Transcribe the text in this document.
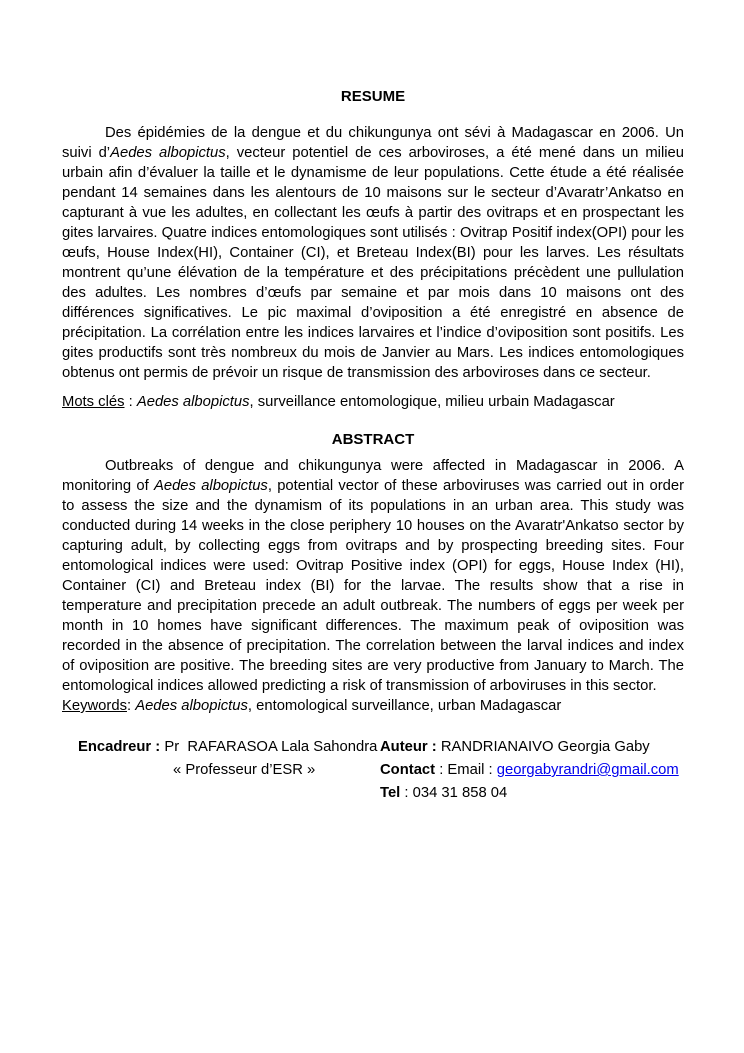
RESUME

Des épidémies de la dengue et du chikungunya ont sévi à Madagascar en 2006. Un suivi d’Aedes albopictus, vecteur potentiel de ces arboviroses, a été mené dans un milieu urbain afin d’évaluer la taille et le dynamisme de leur populations. Cette étude a été réalisée pendant 14 semaines dans les alentours de 10 maisons sur le secteur d’Avaratr’Ankatso en capturant à vue les adultes, en collectant les œufs à partir des ovitraps et en prospectant les gites larvaires. Quatre indices entomologiques sont utilisés : Ovitrap Positif index(OPI) pour les œufs, House Index(HI), Container (CI), et Breteau Index(BI) pour les larves. Les résultats montrent qu’une élévation de la température et des précipitations précèdent une pullulation des adultes. Les nombres d’œufs par semaine et par mois dans 10 maisons ont des différences significatives. Le pic maximal d’oviposition a été enregistré en absence de précipitation. La corrélation entre les indices larvaires et l’indice d’oviposition sont positifs. Les gites productifs sont très nombreux du mois de Janvier au Mars. Les indices entomologiques obtenus ont permis de prévoir un risque de transmission des arboviroses dans ce secteur.

Mots clés : Aedes albopictus, surveillance entomologique, milieu urbain Madagascar

ABSTRACT

Outbreaks of dengue and chikungunya were affected in Madagascar in 2006. A monitoring of Aedes albopictus, potential vector of these arboviruses was carried out in order to assess the size and the dynamism of its populations in an urban area. This study was conducted during 14 weeks in the close periphery 10 houses on the Avaratr'Ankatso sector by capturing adult, by collecting eggs from ovitraps and by prospecting breeding sites. Four entomological indices were used: Ovitrap Positive index (OPI) for eggs, House Index (HI), Container (CI) and Breteau index (BI) for the larvae. The results show that a rise in temperature and precipitation precede an adult outbreak. The numbers of eggs per week per month in 10 homes have significant differences. The maximum peak of oviposition was recorded in the absence of precipitation. The correlation between the larval indices and index of oviposition are positive. The breeding sites are very productive from January to March. The entomological indices allowed predicting a risk of transmission of arboviruses in this sector.

Keywords: Aedes albopictus, entomological surveillance, urban Madagascar

Encadreur : Pr  RAFARASOA Lala Sahondra
« Professeur d’ESR »
Auteur : RANDRIANAIVO Georgia Gaby
Contact : Email : georgabyrandri@gmail.com
Tel : 034 31 858 04
